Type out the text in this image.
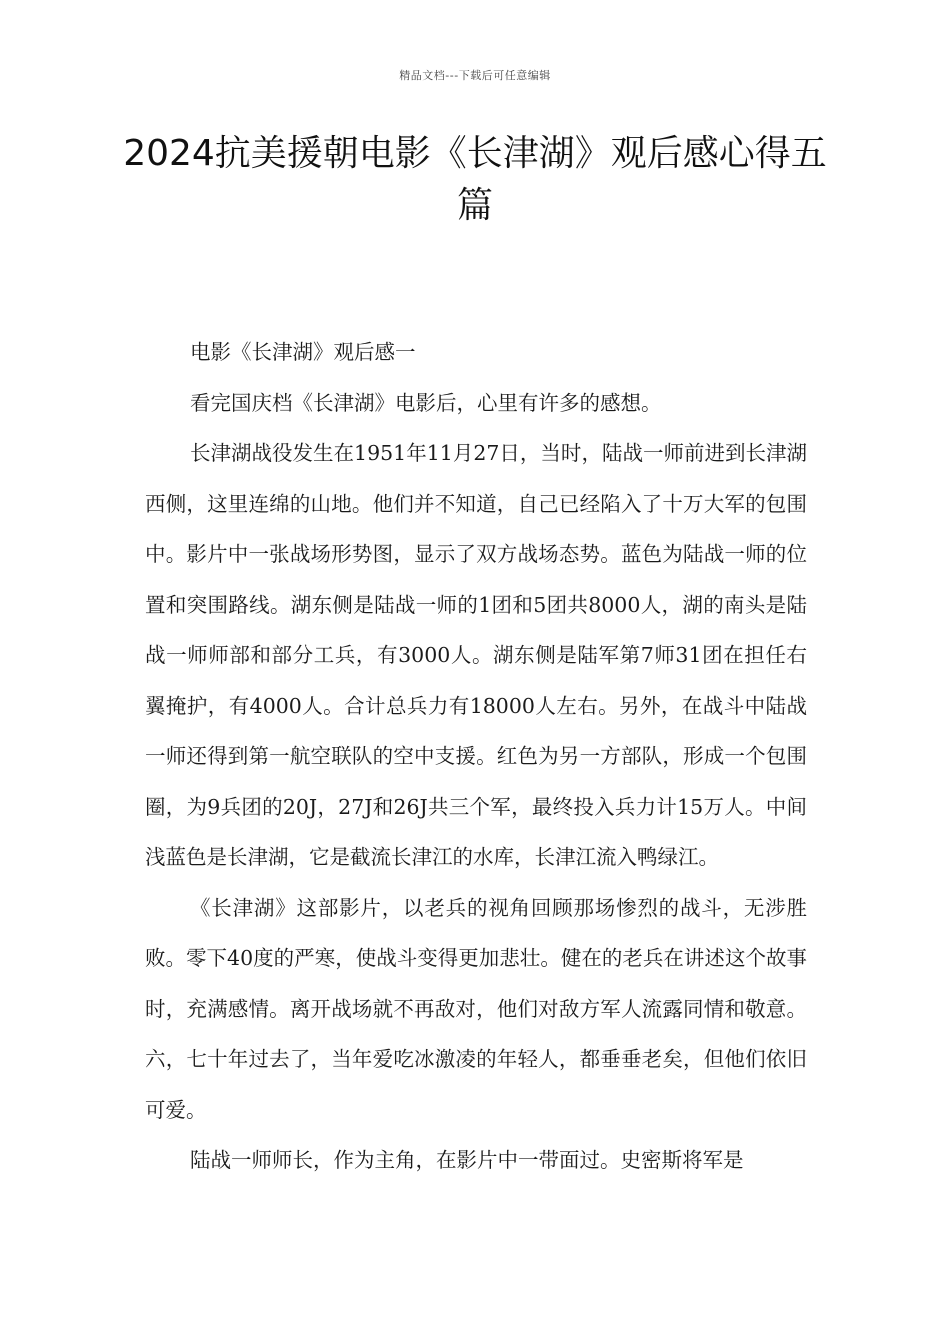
精品文档---下载后可任意编辑
2024抗美援朝电影《长津湖》观后感心得五篇

电影《长津湖》观后感一

看完国庆档《长津湖》电影后，心里有许多的感想。

长津湖战役发生在1951年11月27日，当时，陆战一师前进到长津湖西侧，这里连绵的山地。他们并不知道，自己已经陷入了十万大军的包围中。影片中一张战场形势图，显示了双方战场态势。蓝色为陆战一师的位置和突围路线。湖东侧是陆战一师的1团和5团共8000人，湖的南头是陆战一师师部和部分工兵，有3000人。湖东侧是陆军第7师31团在担任右翼掩护，有4000人。合计总兵力有18000人左右。另外，在战斗中陆战一师还得到第一航空联队的空中支援。红色为另一方部队，形成一个包围圈，为9兵团的20J，27J和26J共三个军，最终投入兵力计15万人。中间浅蓝色是长津湖，它是截流长津江的水库，长津江流入鸭绿江。

《长津湖》这部影片，以老兵的视角回顾那场惨烈的战斗，无涉胜败。零下40度的严寒，使战斗变得更加悲壮。健在的老兵在讲述这个故事时，充满感情。离开战场就不再敌对，他们对敌方军人流露同情和敬意。六，七十年过去了，当年爱吃冰激凌的年轻人，都垂垂老矣，但他们依旧可爱。

陆战一师师长，作为主角，在影片中一带面过。史密斯将军是
